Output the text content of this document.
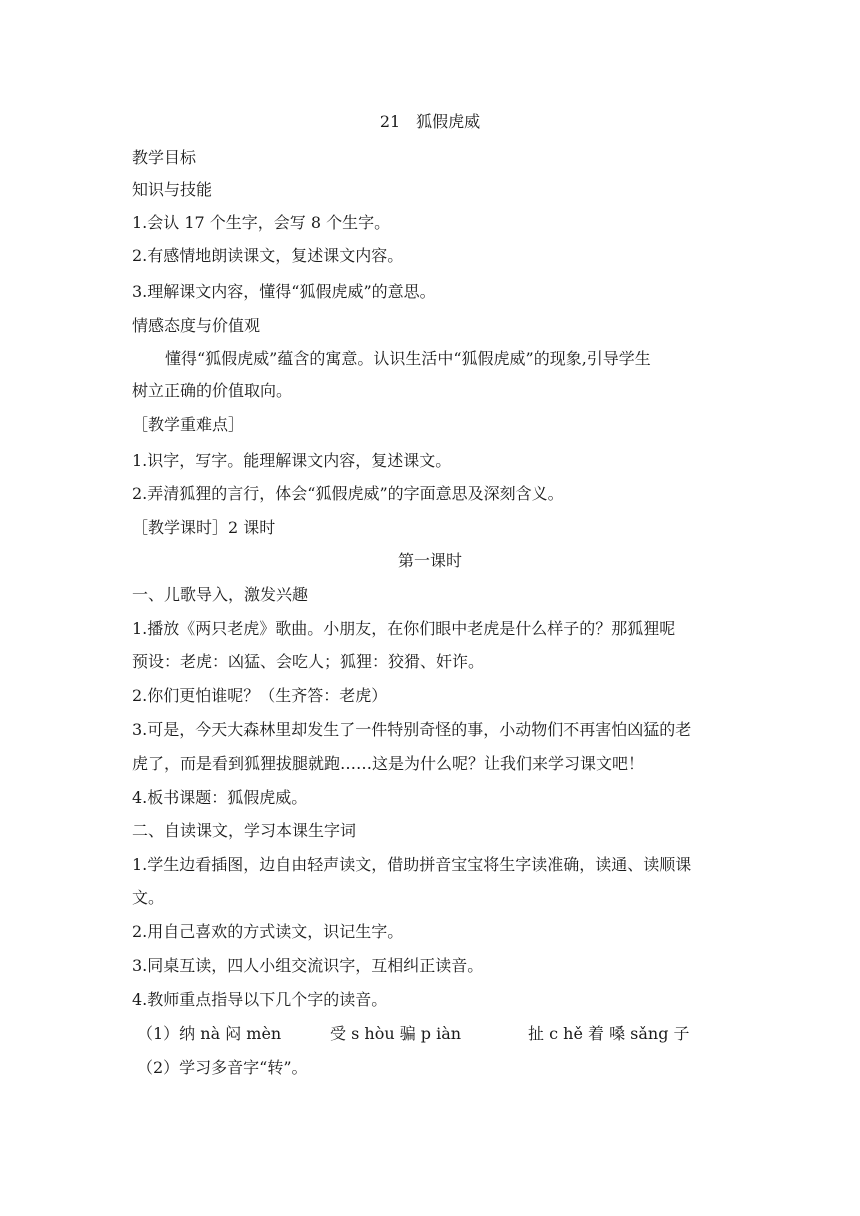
21　狐假虎威
教学目标
知识与技能
1.会认 17 个生字，会写 8 个生字。
2.有感情地朗读课文，复述课文内容。
3.理解课文内容，懂得“狐假虎威”的意思。
情感态度与价值观
懂得“狐假虎威”蕴含的寓意。认识生活中“狐假虎威”的现象,引导学生
树立正确的价值取向。
［教学重难点］
1.识字，写字。能理解课文内容，复述课文。
2.弄清狐狸的言行，体会“狐假虎威”的字面意思及深刻含义。
［教学课时］2 课时
第一课时
一、儿歌导入，激发兴趣
1.播放《两只老虎》歌曲。小朋友，在你们眼中老虎是什么样子的？那狐狸呢
预设：老虎：凶猛、会吃人；狐狸：狡猾、奸诈。
2.你们更怕谁呢？（生齐答：老虎）
3.可是，今天大森林里却发生了一件特别奇怪的事，小动物们不再害怕凶猛的老
虎了，而是看到狐狸拔腿就跑……这是为什么呢？让我们来学习课文吧！
4.板书课题：狐假虎威。
二、自读课文，学习本课生字词
1.学生边看插图，边自由轻声读文，借助拼音宝宝将生字读准确，读通、读顺课
文。
2.用自己喜欢的方式读文，识记生字。
3.同桌互读，四人小组交流识字，互相纠正读音。
4.教师重点指导以下几个字的读音。
（1）纳 nà 闷 mèn	受 s hòu 骗 p iàn	扯 c hě 着 嗓 sǎng 子
（2）学习多音字“转”。
